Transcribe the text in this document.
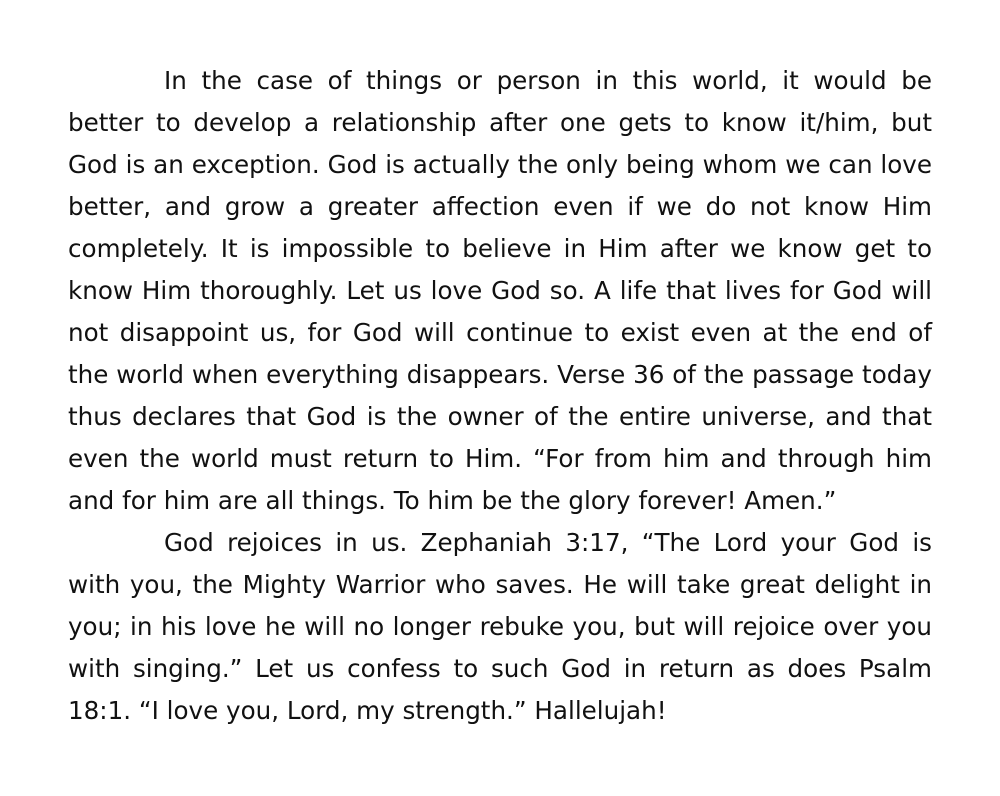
In the case of things or person in this world, it would be better to develop a relationship after one gets to know it/him, but God is an exception. God is actually the only being whom we can love better, and grow a greater affection even if we do not know Him completely. It is impossible to believe in Him after we know get to know Him thoroughly. Let us love God so. A life that lives for God will not disappoint us, for God will continue to exist even at the end of the world when everything disappears. Verse 36 of the passage today thus declares that God is the owner of the entire universe, and that even the world must return to Him. “For from him and through him and for him are all things. To him be the glory forever! Amen.”

God rejoices in us. Zephaniah 3:17, “The Lord your God is with you, the Mighty Warrior who saves. He will take great delight in you; in his love he will no longer rebuke you, but will rejoice over you with singing.” Let us confess to such God in return as does Psalm 18:1. “I love you, Lord, my strength.” Hallelujah!
